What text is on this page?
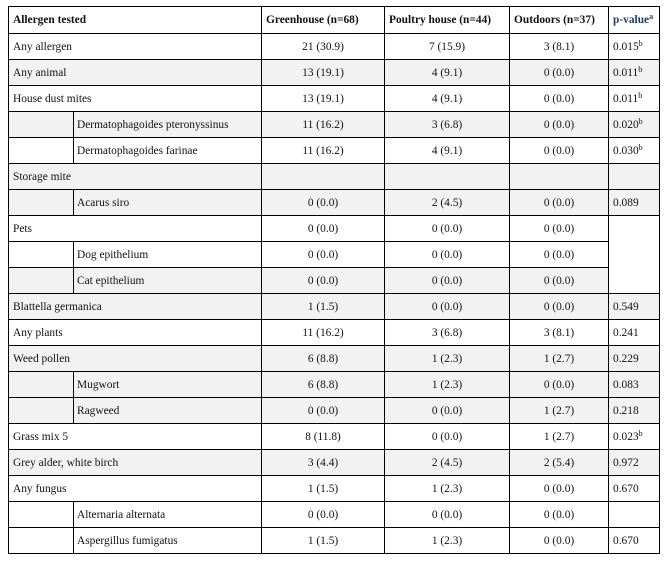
Allergen tested		Greenhouse (n=68)	Poultry house (n=44)	Outdoors (n=37)	p-value$^a$
Any allergen		21 (30.9)	7 (15.9)	3 (8.1)	0.015$^b$
Any animal		13 (19.1)	4 (9.1)	0 (0.0)	0.011$^b$
House dust mites		13 (19.1)	4 (9.1)	0 (0.0)	0.011$^b$
	Dermatophagoides pteronyssinus	11 (16.2)	3 (6.8)	0 (0.0)	0.020$^b$
	Dermatophagoides farinae	11 (16.2)	4 (9.1)	0 (0.0)	0.030$^b$
Storage mite					
	Acarus siro	0 (0.0)	2 (4.5)	0 (0.0)	0.089
Pets		0 (0.0)	0 (0.0)	0 (0.0)	
	Dog epithelium	0 (0.0)	0 (0.0)	0 (0.0)	
	Cat epithelium	0 (0.0)	0 (0.0)	0 (0.0)	
Blattella germanica		1 (1.5)	0 (0.0)	0 (0.0)	0.549
Any plants		11 (16.2)	3 (6.8)	3 (8.1)	0.241
Weed pollen		6 (8.8)	1 (2.3)	1 (2.7)	0.229
	Mugwort	6 (8.8)	1 (2.3)	0 (0.0)	0.083
	Ragweed	0 (0.0)	0 (0.0)	1 (2.7)	0.218
Grass mix 5		8 (11.8)	0 (0.0)	1 (2.7)	0.023$^b$
Grey alder, white birch		3 (4.4)	2 (4.5)	2 (5.4)	0.972
Any fungus		1 (1.5)	1 (2.3)	0 (0.0)	0.670
	Alternaria alternata	0 (0.0)	0 (0.0)	0 (0.0)	
	Aspergillus fumigatus	1 (1.5)	1 (2.3)	0 (0.0)	0.670
